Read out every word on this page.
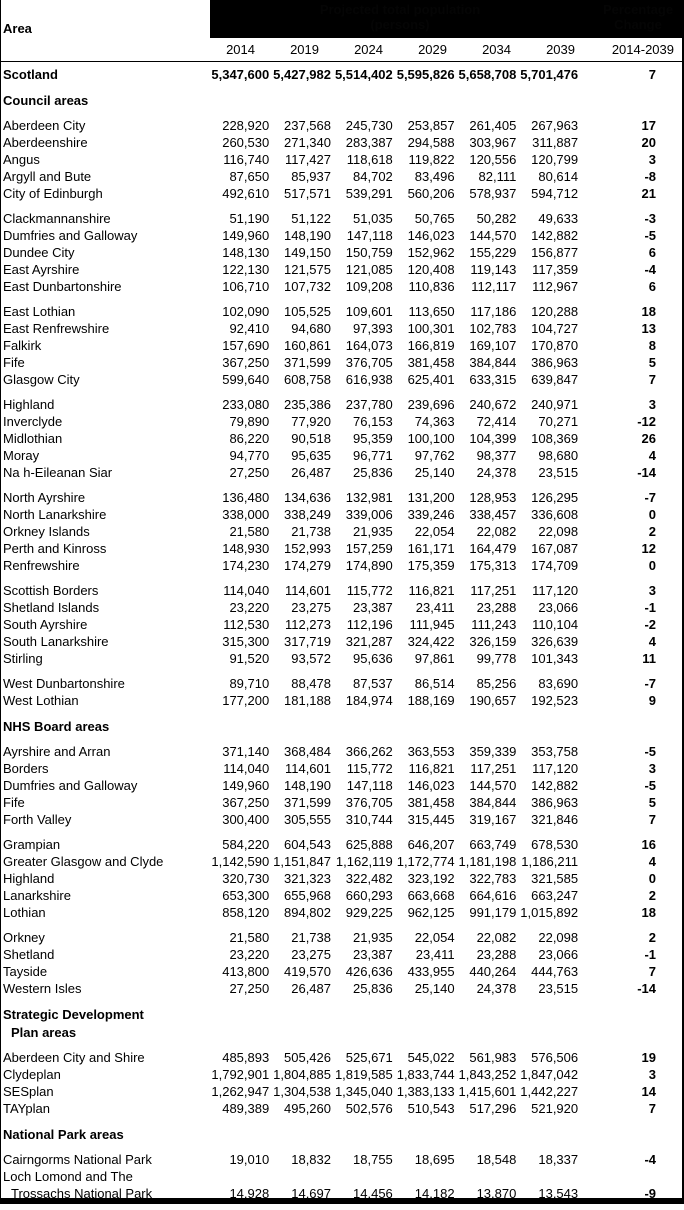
Projected total population (persons)
Percentage Change
Area
2014	2019	2024	2029	2034	2039	2014-2039
Scotland	5,347,600	5,427,982	5,514,402	5,595,826	5,658,708	5,701,476	7

Council areas							

Aberdeen City	228,920	237,568	245,730	253,857	261,405	267,963	17
Aberdeenshire	260,530	271,340	283,387	294,588	303,967	311,887	20
Angus	116,740	117,427	118,618	119,822	120,556	120,799	3
Argyll and Bute	87,650	85,937	84,702	83,496	82,111	80,614	-8
City of Edinburgh	492,610	517,571	539,291	560,206	578,937	594,712	21

Clackmannanshire	51,190	51,122	51,035	50,765	50,282	49,633	-3
Dumfries and Galloway	149,960	148,190	147,118	146,023	144,570	142,882	-5
Dundee City	148,130	149,150	150,759	152,962	155,229	156,877	6
East Ayrshire	122,130	121,575	121,085	120,408	119,143	117,359	-4
East Dunbartonshire	106,710	107,732	109,208	110,836	112,117	112,967	6

East Lothian	102,090	105,525	109,601	113,650	117,186	120,288	18
East Renfrewshire	92,410	94,680	97,393	100,301	102,783	104,727	13
Falkirk	157,690	160,861	164,073	166,819	169,107	170,870	8
Fife	367,250	371,599	376,705	381,458	384,844	386,963	5
Glasgow City	599,640	608,758	616,938	625,401	633,315	639,847	7

Highland	233,080	235,386	237,780	239,696	240,672	240,971	3
Inverclyde	79,890	77,920	76,153	74,363	72,414	70,271	-12
Midlothian	86,220	90,518	95,359	100,100	104,399	108,369	26
Moray	94,770	95,635	96,771	97,762	98,377	98,680	4
Na h-Eileanan Siar	27,250	26,487	25,836	25,140	24,378	23,515	-14

North Ayrshire	136,480	134,636	132,981	131,200	128,953	126,295	-7
North Lanarkshire	338,000	338,249	339,006	339,246	338,457	336,608	0
Orkney Islands	21,580	21,738	21,935	22,054	22,082	22,098	2
Perth and Kinross	148,930	152,993	157,259	161,171	164,479	167,087	12
Renfrewshire	174,230	174,279	174,890	175,359	175,313	174,709	0

Scottish Borders	114,040	114,601	115,772	116,821	117,251	117,120	3
Shetland Islands	23,220	23,275	23,387	23,411	23,288	23,066	-1
South Ayrshire	112,530	112,273	112,196	111,945	111,243	110,104	-2
South Lanarkshire	315,300	317,719	321,287	324,422	326,159	326,639	4
Stirling	91,520	93,572	95,636	97,861	99,778	101,343	11

West Dunbartonshire	89,710	88,478	87,537	86,514	85,256	83,690	-7
West Lothian	177,200	181,188	184,974	188,169	190,657	192,523	9

NHS Board areas							

Ayrshire and Arran	371,140	368,484	366,262	363,553	359,339	353,758	-5
Borders	114,040	114,601	115,772	116,821	117,251	117,120	3
Dumfries and Galloway	149,960	148,190	147,118	146,023	144,570	142,882	-5
Fife	367,250	371,599	376,705	381,458	384,844	386,963	5
Forth Valley	300,400	305,555	310,744	315,445	319,167	321,846	7

Grampian	584,220	604,543	625,888	646,207	663,749	678,530	16
Greater Glasgow and Clyde	1,142,590	1,151,847	1,162,119	1,172,774	1,181,198	1,186,211	4
Highland	320,730	321,323	322,482	323,192	322,783	321,585	0
Lanarkshire	653,300	655,968	660,293	663,668	664,616	663,247	2
Lothian	858,120	894,802	929,225	962,125	991,179	1,015,892	18

Orkney	21,580	21,738	21,935	22,054	22,082	22,098	2
Shetland	23,220	23,275	23,387	23,411	23,288	23,066	-1
Tayside	413,800	419,570	426,636	433,955	440,264	444,763	7
Western Isles	27,250	26,487	25,836	25,140	24,378	23,515	-14

Strategic Development							
Plan areas							

Aberdeen City and Shire	485,893	505,426	525,671	545,022	561,983	576,506	19
Clydeplan	1,792,901	1,804,885	1,819,585	1,833,744	1,843,252	1,847,042	3
SESplan	1,262,947	1,304,538	1,345,040	1,383,133	1,415,601	1,442,227	14
TAYplan	489,389	495,260	502,576	510,543	517,296	521,920	7

National Park areas							

Cairngorms National Park	19,010	18,832	18,755	18,695	18,548	18,337	-4
Loch Lomond and The							
Trossachs National Park	14,928	14,697	14,456	14,182	13,870	13,543	-9
